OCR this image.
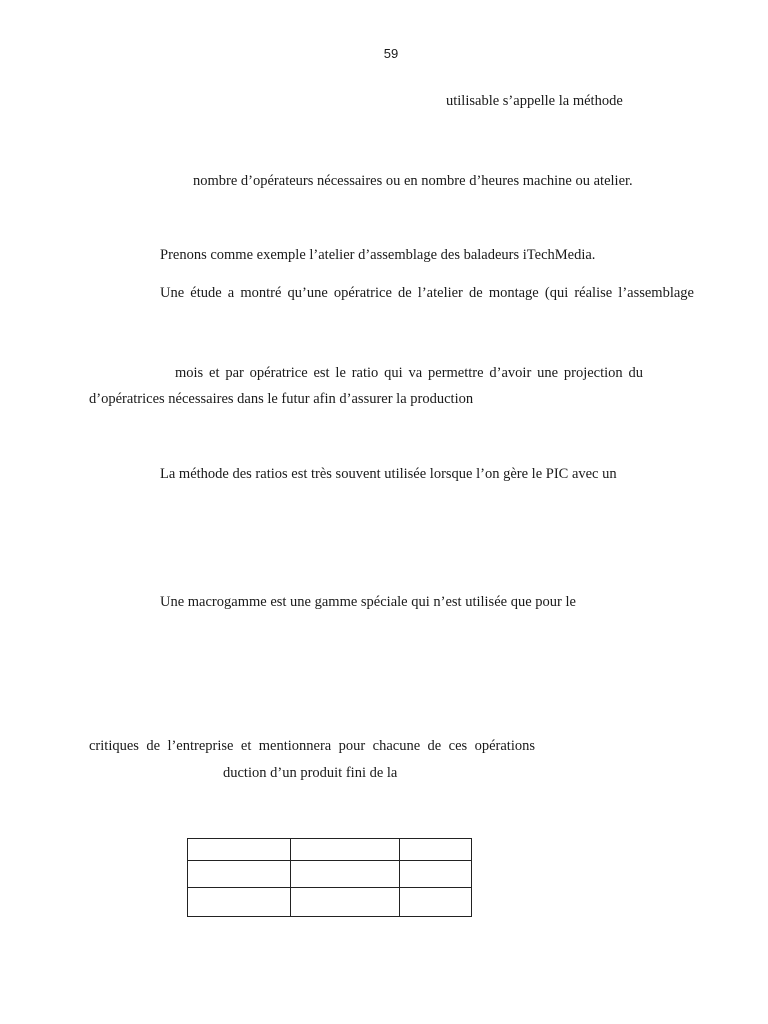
59
utilisable s’appelle la méthode
nombre d’opérateurs nécessaires ou en nombre d’heures machine ou atelier.
Prenons comme exemple l’atelier d’assemblage des baladeurs iTechMedia.
Une étude a montré qu’une opératrice de l’atelier de montage (qui réalise l’assemblage
mois et par opératrice est le ratio qui va permettre d’avoir une projection du
d’opératrices nécessaires dans le futur afin d’assurer la production
La méthode des ratios est très souvent utilisée lorsque l’on gère le PIC avec un
Une macrogamme est une gamme spéciale qui n’est utilisée que pour le
critiques de l’entreprise et mentionnera pour chacune de ces opérations
duction d’un produit fini de la
